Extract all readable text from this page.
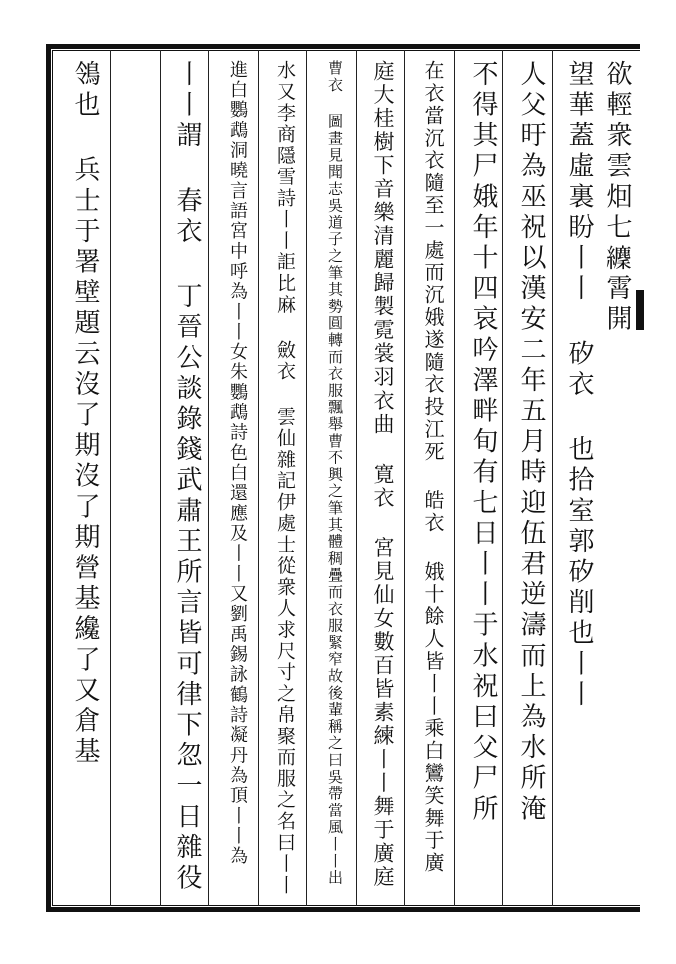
欲輕衆雲𤇆七𦇘霄開
望華蓋虛裏盼丨丨 矽衣 也拾室郭矽削也丨丨
人父旴為巫祝以漢安二年五月時迎伍君逆濤而上為水所淹
不得其尸娥年十四哀吟澤畔旬有七日丨丨于水祝曰父尸所
在衣當沉衣隨至一處而沉娥遂隨衣投江死 皓衣 娥十餘人皆丨丨乘白鸞笑舞于廣
庭大桂樹下音樂清麗歸製霓裳羽衣曲 寛衣 宮見仙女數百皆素練丨丨舞于廣庭
曹衣 圖畫見聞志吳道子之筆其勢圓轉而衣服飄舉曹不興之筆其體稠疊而衣服緊窄故後輩稱之曰吳帶當風丨丨出
水又李商隱雪詩丨丨詎比麻 斂衣 雲仙雜記伊處士從衆人求尺寸之帛聚而服之名曰丨丨
進白鸚鵡洞曉言語宮中呼為丨丨女朱鸚鵡詩色白還應及丨丨又劉禹錫詠鶴詩凝丹為頂丨丨為
丨丨謂 春衣 丁晉公談錄錢武肅王所言皆可律下忽一日雜役
鴒也 兵士于署壁題云沒了期沒了期營基纔了又倉基
